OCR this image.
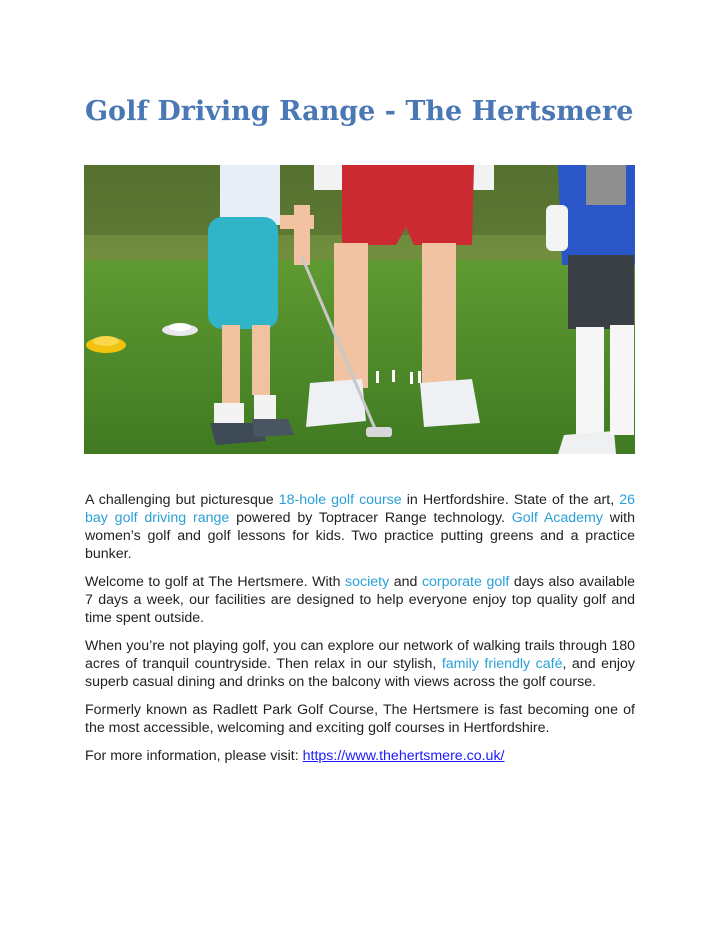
Golf Driving Range - The Hertsmere

A challenging but picturesque 18-hole golf course in Hertfordshire. State of the art, 26 bay golf driving range powered by Toptracer Range technology. Golf Academy with women’s golf and golf lessons for kids. Two practice putting greens and a practice bunker.

Welcome to golf at The Hertsmere. With society and corporate golf days also available 7 days a week, our facilities are designed to help everyone enjoy top quality golf and time spent outside.

When you’re not playing golf, you can explore our network of walking trails through 180 acres of tranquil countryside. Then relax in our stylish, family friendly café, and enjoy superb casual dining and drinks on the balcony with views across the golf course.

Formerly known as Radlett Park Golf Course, The Hertsmere is fast becoming one of the most accessible, welcoming and exciting golf courses in Hertfordshire.

For more information, please visit: https://www.thehertsmere.co.uk/
